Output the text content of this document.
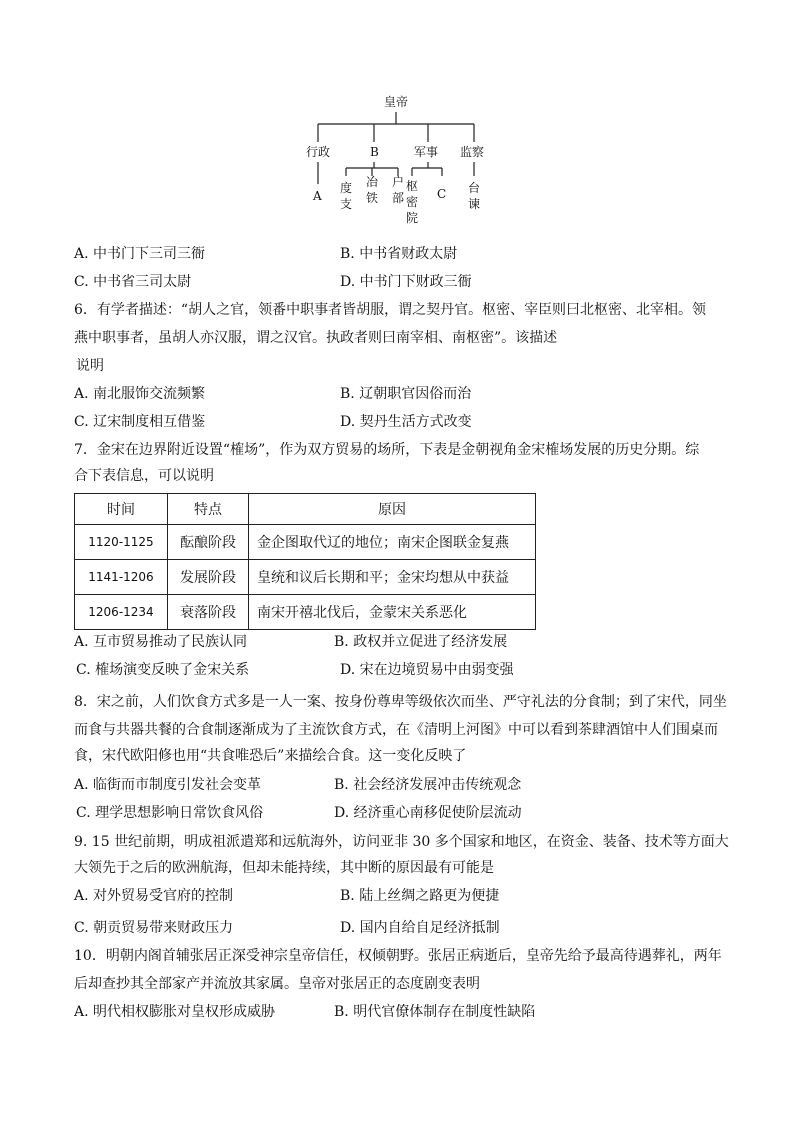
皇帝
行政	B	军事 监察
A
度
支
冶
铁
户
部
枢
密
院
C 台
谏
A. 中书门下三司三衙	B. 中书省财政太尉
C. 中书省三司太尉	D. 中书门下财政三衙
6．有学者描述：“胡人之官，领番中职事者皆胡服，谓之契丹官。枢密、宰臣则曰北枢密、北宰相。领
燕中职事者，虽胡人亦汉服，谓之汉官。执政者则曰南宰相、南枢密”。该描述
说明
A. 南北服饰交流频繁	B. 辽朝职官因俗而治
C. 辽宋制度相互借鉴	D. 契丹生活方式改变
7．金宋在边界附近设置“榷场”，作为双方贸易的场所，下表是金朝视角金宋榷场发展的历史分期。综
合下表信息，可以说明
时间	特点	原因
1120-1125	酝酿阶段	金企图取代辽的地位；南宋企图联金复燕
1141-1206	发展阶段	皇统和议后长期和平；金宋均想从中获益
1206-1234	衰落阶段	南宋开禧北伐后，金蒙宋关系恶化
A. 互市贸易推动了民族认同	B. 政权并立促进了经济发展
C. 榷场演变反映了金宋关系	D. 宋在边境贸易中由弱变强
8．宋之前，人们饮食方式多是一人一案、按身份尊卑等级依次而坐、严守礼法的分食制；到了宋代，同坐
而食与共器共餐的合食制逐渐成为了主流饮食方式，在《清明上河图》中可以看到茶肆酒馆中人们围桌而
食，宋代欧阳修也用“共食唯恐后”来描绘合食。这一变化反映了
A. 临街而市制度引发社会变革	B. 社会经济发展冲击传统观念
C. 理学思想影响日常饮食风俗	D. 经济重心南移促使阶层流动
9. 15 世纪前期，明成祖派遣郑和远航海外，访问亚非 30 多个国家和地区，在资金、装备、技术等方面大
大领先于之后的欧洲航海，但却未能持续，其中断的原因最有可能是
A. 对外贸易受官府的控制	B. 陆上丝绸之路更为便捷
C. 朝贡贸易带来财政压力	D. 国内自给自足经济抵制
10．明朝内阁首辅张居正深受神宗皇帝信任，权倾朝野。张居正病逝后，皇帝先给予最高待遇葬礼，两年
后却查抄其全部家产并流放其家属。皇帝对张居正的态度剧变表明
A. 明代相权膨胀对皇权形成威胁	B. 明代官僚体制存在制度性缺陷
